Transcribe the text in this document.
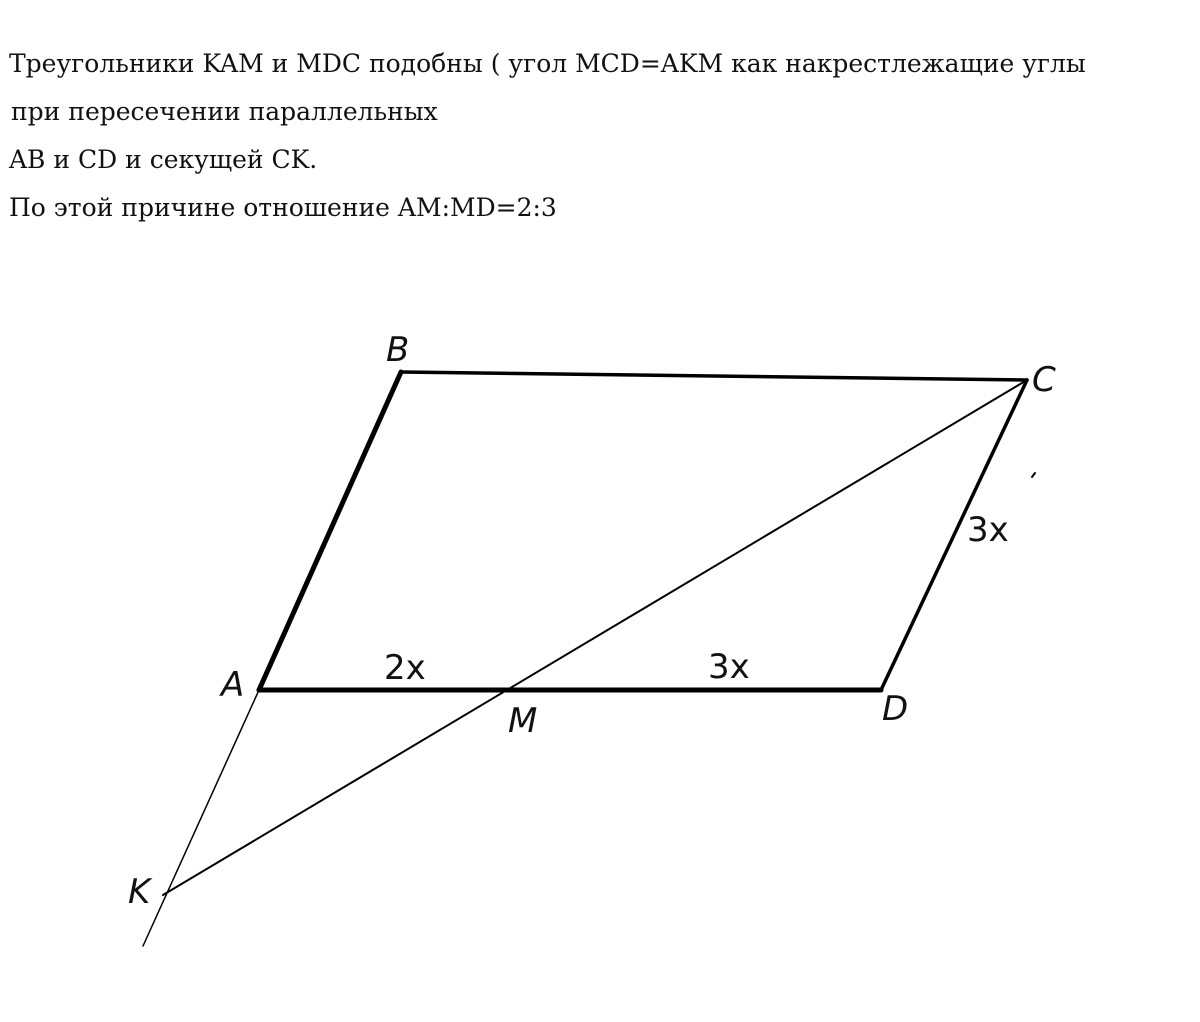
Треугольники KAM и MDC подобны ( угол MCD=AKM как накрестлежащие углы
при пересечении параллельных
AB и CD и секущей CK.
По этой причине отношение AM:MD=2:3
B
C
A
D
M
K
2x	3x
3x
